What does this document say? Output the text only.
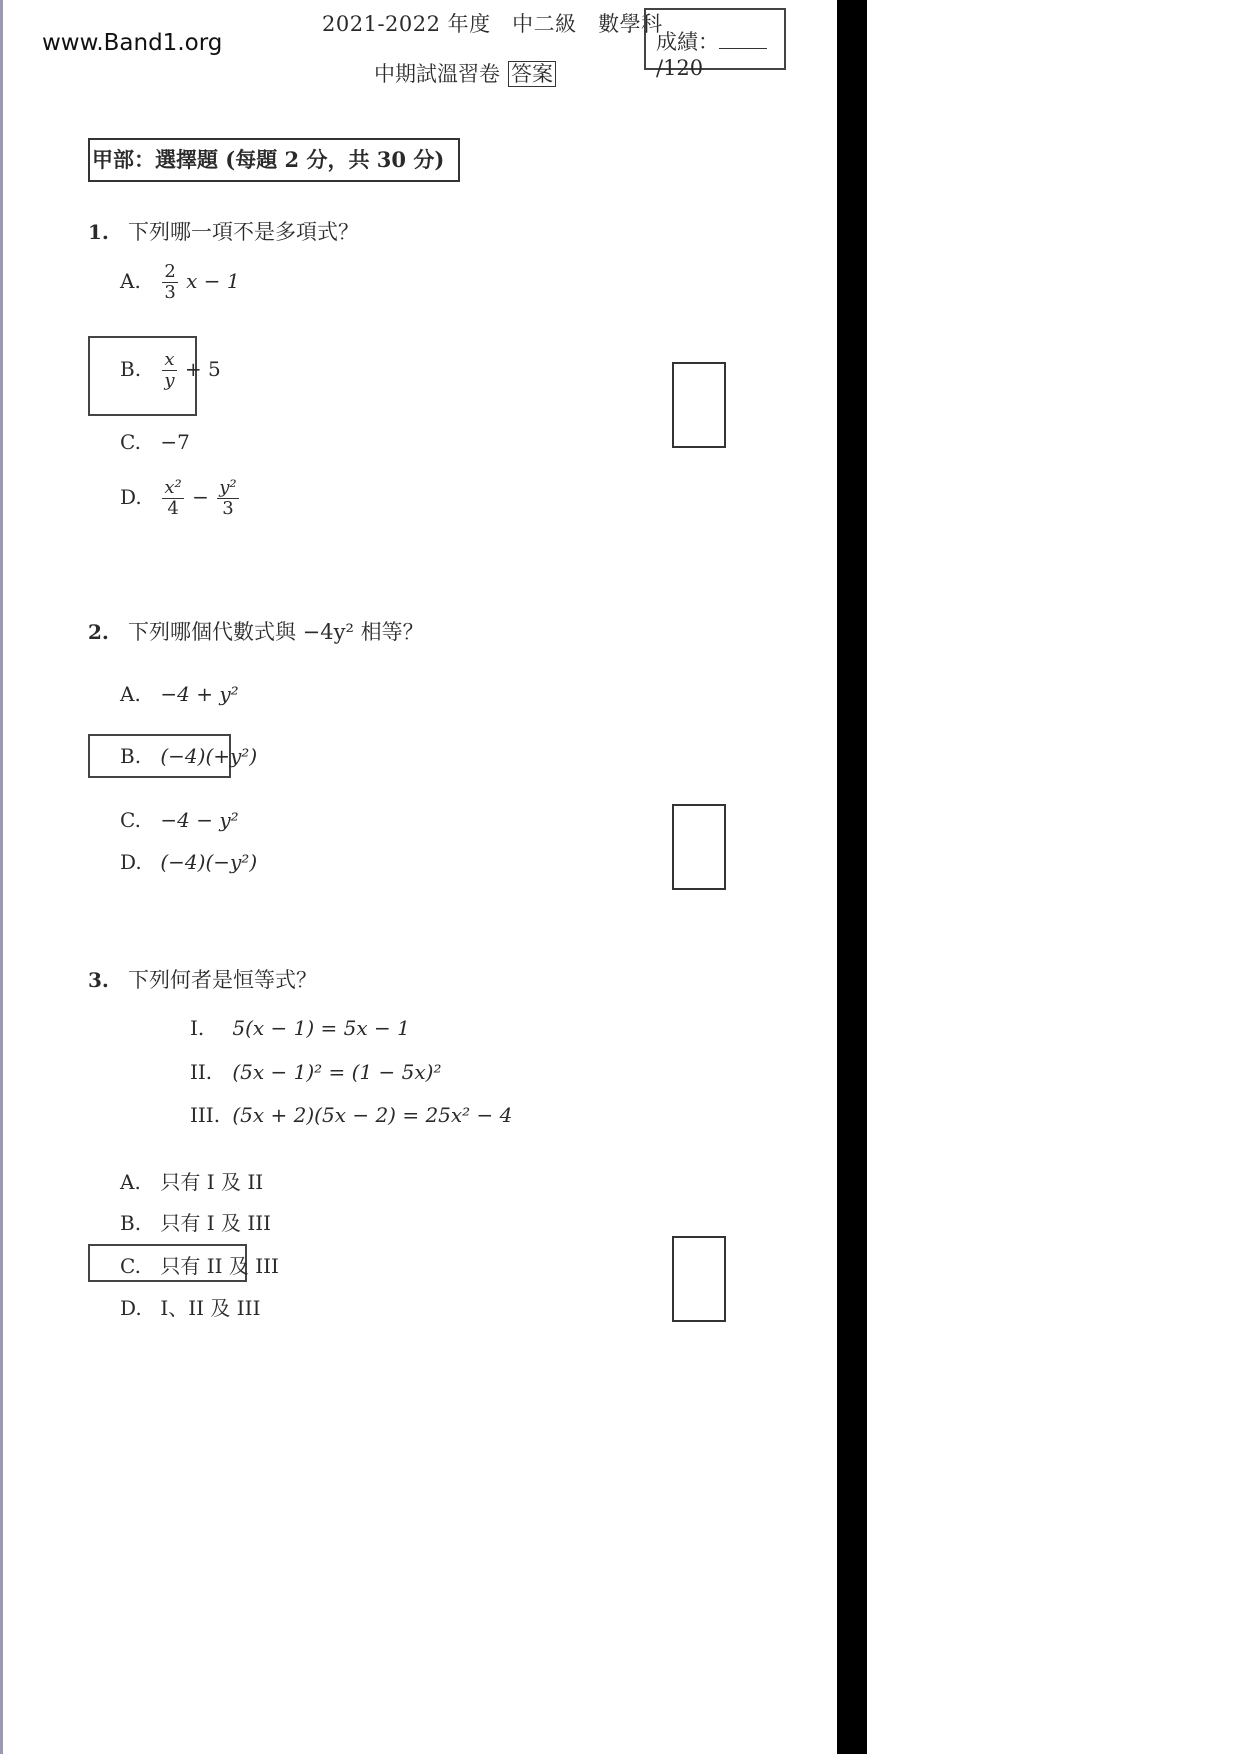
www.Band1.org
2021-2022 年度　中二級　數學科
中期試溫習卷 答案
成績：/120
甲部：選擇題 (每題 2 分，共 30 分)
1. 下列哪一項不是多項式？
A. $\frac{2}{3}$ x − 1
B. $\frac{x}{y} + 5$
C. −7
D. $\frac{\text{x²}}{4} - \frac{\text{y²}}{3}$
2. 下列哪個代數式與 −4y² 相等？
A. −4 + y²
B. (−4)(+y²)
C. −4 − y²
D. (−4)(−y²)
3. 下列何者是恒等式？
I. 5(x − 1) = 5x − 1
II. (5x − 1)² = (1 − 5x)²
III. (5x + 2)(5x − 2) = 25x² − 4
A. 只有 I 及 II
B. 只有 I 及 III
C. 只有 II 及 III
D. I、II 及 III
